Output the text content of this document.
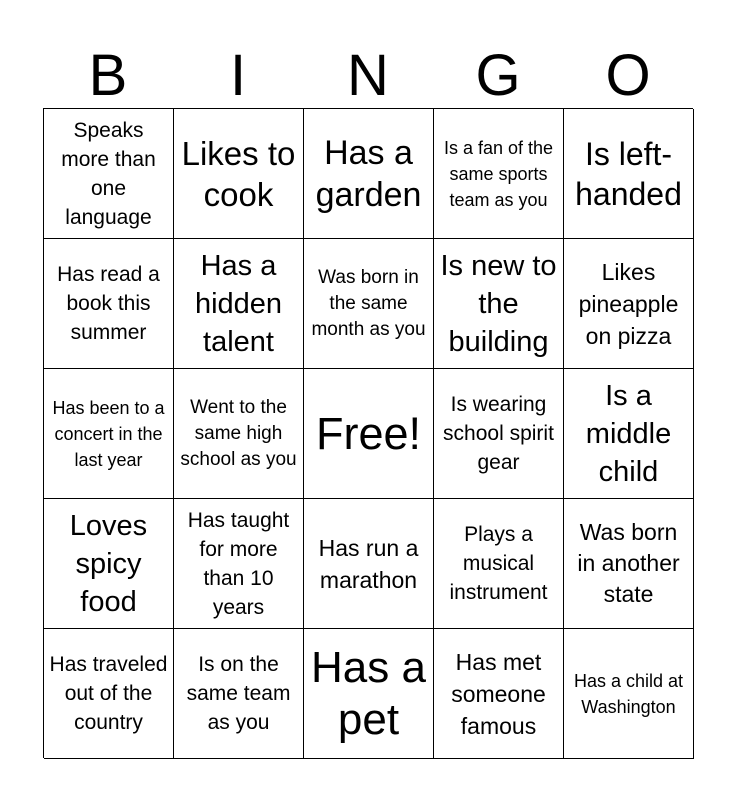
B	I	N	G	O
Speaks more than one language
Likes to cook
Has a garden
Is a fan of the same sports team as you
Is left-handed
Has read a book this summer
Has a hidden talent
Was born in the same month as you
Is new to the building
Likes pineapple on pizza
Has been to a concert in the last year
Went to the same high school as you
Free!
Is wearing school spirit gear
Is a middle child
Loves spicy food
Has taught for more than 10 years
Has run a marathon
Plays a musical instrument
Was born in another state
Has traveled out of the country
Is on the same team as you
Has a pet
Has met someone famous
Has a child at Washington
